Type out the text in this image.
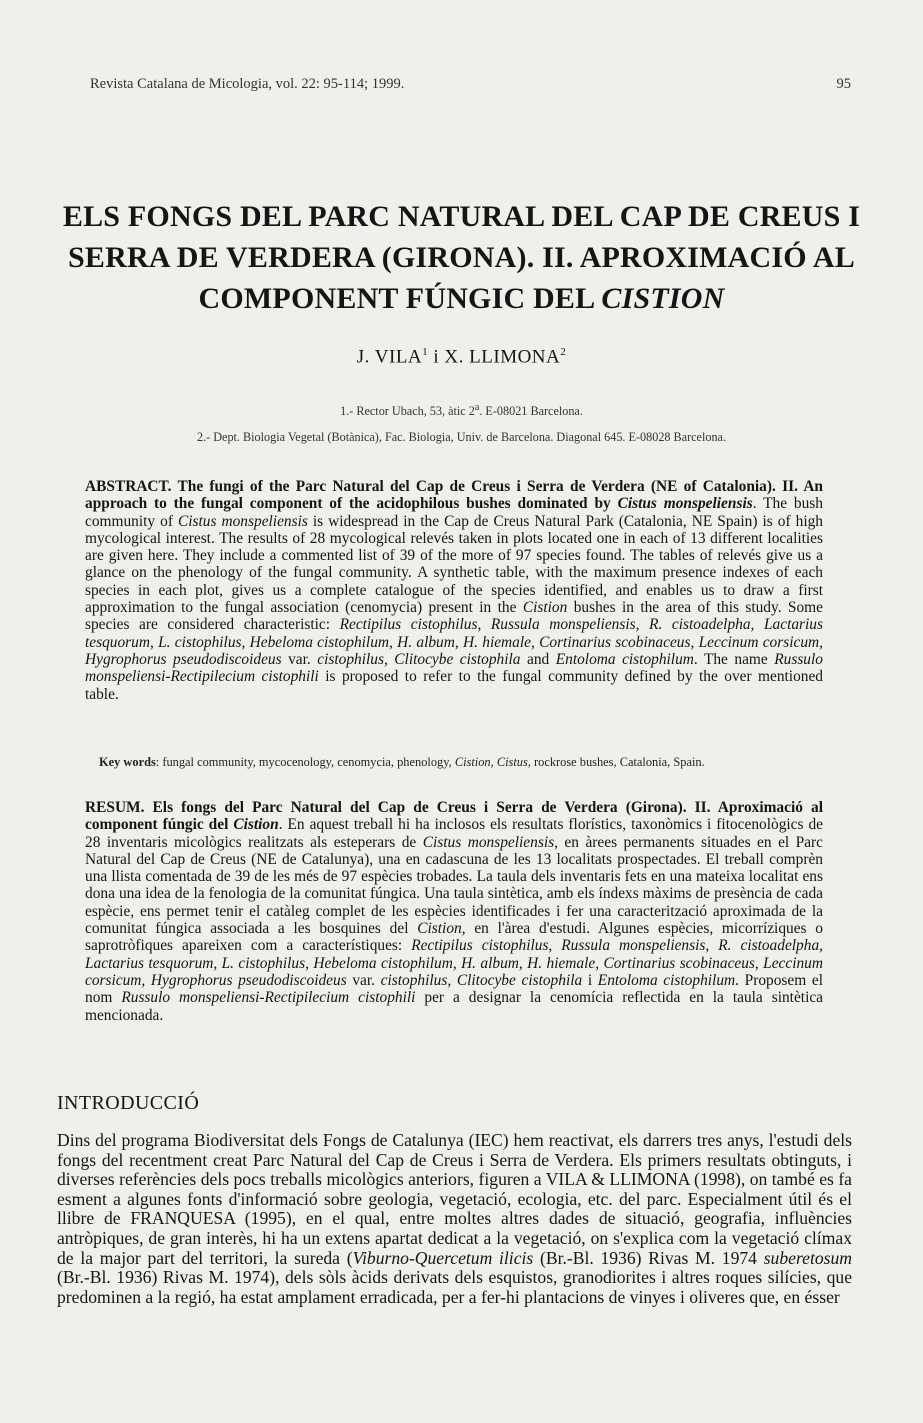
Revista Catalana de Micologia, vol. 22: 95-114; 1999.	95
ELS FONGS DEL PARC NATURAL DEL CAP DE CREUS I
SERRA DE VERDERA (GIRONA). II. APROXIMACIÓ AL
COMPONENT FÚNGIC DEL CISTION
J. VILA$^1$ i X. LLIMONA$^2$
1.- Rector Ubach, 53, àtic 2$^a$. E-08021 Barcelona.
2.- Dept. Biologia Vegetal (Botànica), Fac. Biologia, Univ. de Barcelona. Diagonal 645. E-08028 Barcelona.
ABSTRACT. The fungi of the Parc Natural del Cap de Creus i Serra de Verdera (NE of Catalonia). II. An approach to the fungal component of the acidophilous bushes dominated by Cistus monspeliensis. The bush community of Cistus monspeliensis is widespread in the Cap de Creus Natural Park (Catalonia, NE Spain) is of high mycological interest. The results of 28 mycological relevés taken in plots located one in each of 13 different localities are given here. They include a commented list of 39 of the more of 97 species found. The tables of relevés give us a glance on the phenology of the fungal community. A synthetic table, with the maximum presence indexes of each species in each plot, gives us a complete catalogue of the species identified, and enables us to draw a first approximation to the fungal association (cenomycia) present in the Cistion bushes in the area of this study. Some species are considered characteristic: Rectipilus cistophilus, Russula monspeliensis, R. cistoadelpha, Lactarius tesquorum, L. cistophilus, Hebeloma cistophilum, H. album, H. hiemale, Cortinarius scobinaceus, Leccinum corsicum, Hygrophorus pseudodiscoideus var. cistophilus, Clitocybe cistophila and Entoloma cistophilum. The name Russulo monspeliensi-Rectipilecium cistophili is proposed to refer to the fungal community defined by the over mentioned table.
Key words: fungal community, mycocenology, cenomycia, phenology, Cistion, Cistus, rockrose bushes, Catalonia, Spain.
RESUM. Els fongs del Parc Natural del Cap de Creus i Serra de Verdera (Girona). II. Aproximació al component fúngic del Cistion. En aquest treball hi ha inclosos els resultats florístics, taxonòmics i fitocenològics de 28 inventaris micològics realitzats als esteperars de Cistus monspeliensis, en àrees permanents situades en el Parc Natural del Cap de Creus (NE de Catalunya), una en cadascuna de les 13 localitats prospectades. El treball comprèn una llista comentada de 39 de les més de 97 espècies trobades. La taula dels inventaris fets en una mateixa localitat ens dona una idea de la fenologia de la comunitat fúngica. Una taula sintètica, amb els índexs màxims de presència de cada espècie, ens permet tenir el catàleg complet de les espècies identificades i fer una caracterització aproximada de la comunitat fúngica associada a les bosquines del Cistion, en l'àrea d'estudi. Algunes espècies, micorríziques o saprotròfiques apareixen com a característiques: Rectipilus cistophilus, Russula monspeliensis, R. cistoadelpha, Lactarius tesquorum, L. cistophilus, Hebeloma cistophilum, H. album, H. hiemale, Cortinarius scobinaceus, Leccinum corsicum, Hygrophorus pseudodiscoideus var. cistophilus, Clitocybe cistophila i Entoloma cistophilum. Proposem el nom Russulo monspeliensi-Rectipilecium cistophili per a designar la cenomícia reflectida en la taula sintètica mencionada.
INTRODUCCIÓ
Dins del programa Biodiversitat dels Fongs de Catalunya (IEC) hem reactivat, els darrers tres anys, l'estudi dels fongs del recentment creat Parc Natural del Cap de Creus i Serra de Verdera. Els primers resultats obtinguts, i diverses referències dels pocs treballs micològics anteriors, figuren a VILA & LLIMONA (1998), on també es fa esment a algunes fonts d'informació sobre geologia, vegetació, ecologia, etc. del parc. Especialment útil és el llibre de FRANQUESA (1995), en el qual, entre moltes altres dades de situació, geografia, influències antròpiques, de gran interès, hi ha un extens apartat dedicat a la vegetació, on s'explica com la vegetació clímax de la major part del territori, la sureda (Viburno-Quercetum ilicis (Br.-Bl. 1936) Rivas M. 1974 suberetosum (Br.-Bl. 1936) Rivas M. 1974), dels sòls àcids derivats dels esquistos, granodiorites i altres roques silícies, que predominen a la regió, ha estat amplament erradicada, per a fer-hi plantacions de vinyes i oliveres que, en ésser
